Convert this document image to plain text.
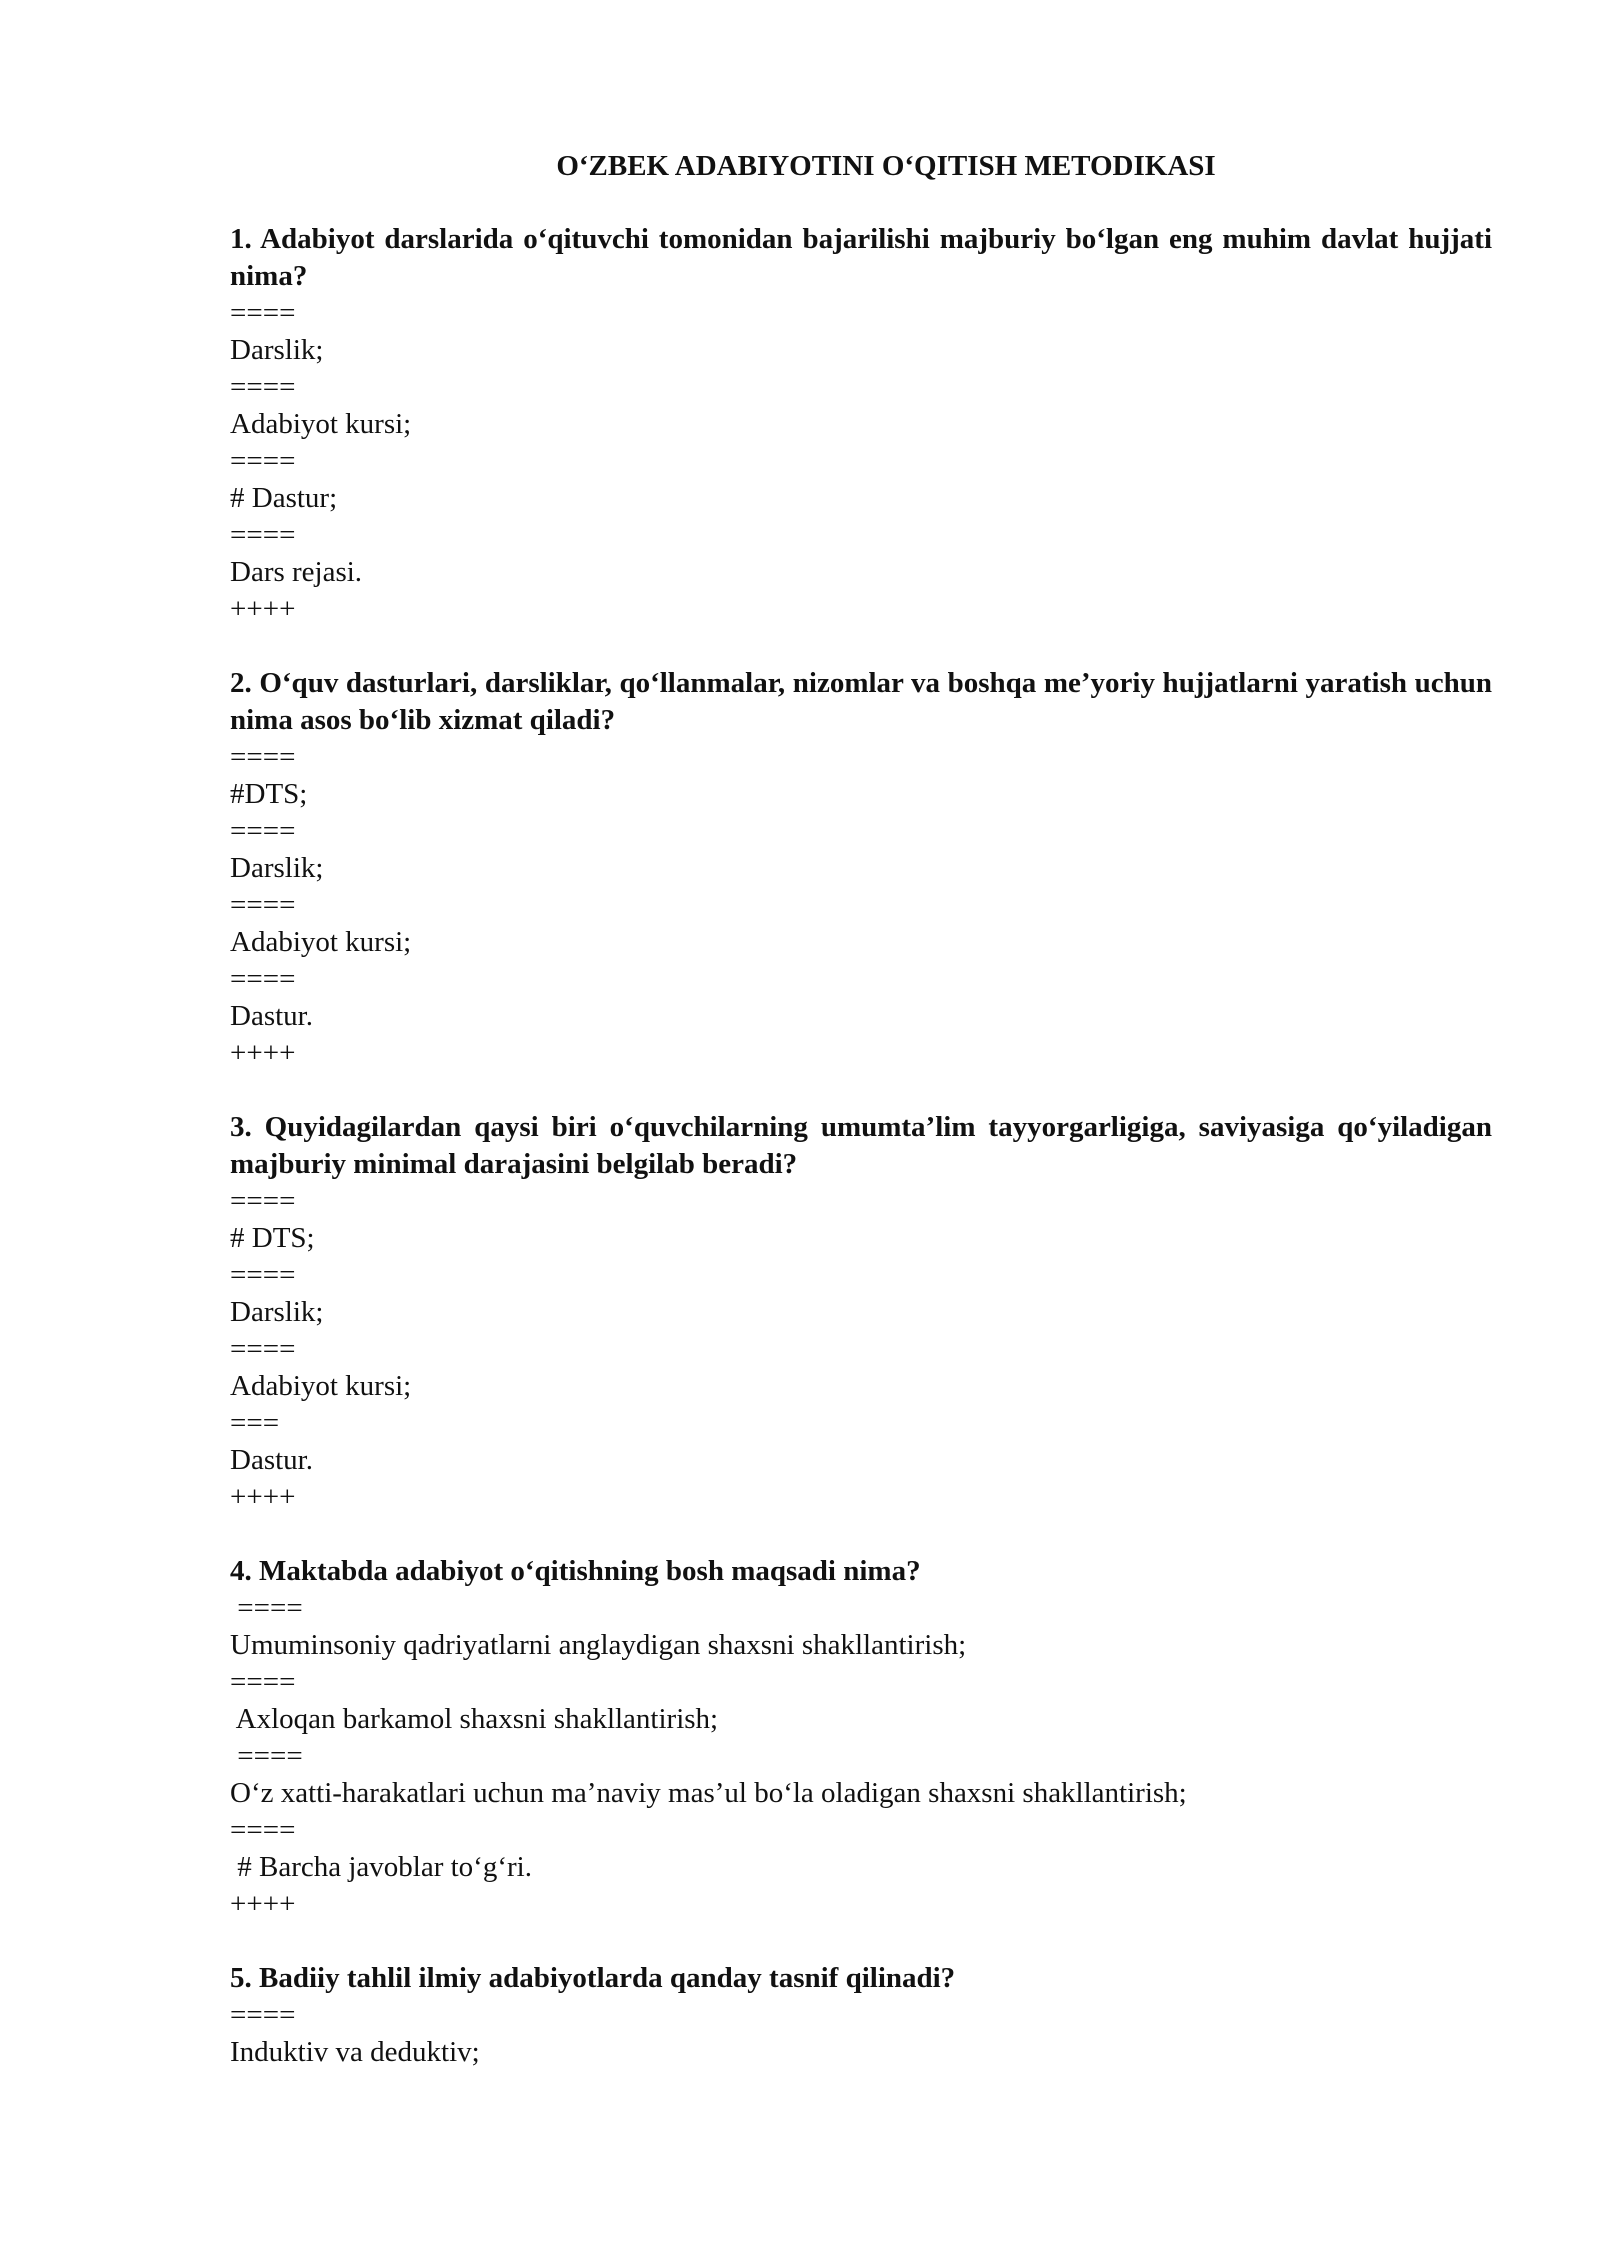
O‘ZBEK ADABIYOTINI O‘QITISH METODIKASI

1. Adabiyot darslarida o‘qituvchi tomonidan bajarilishi majburiy bo‘lgan eng muhim davlat hujjati nima?

====
Darslik;
====
Adabiyot kursi;
====
# Dastur;
====
Dars rejasi.
++++

2. O‘quv dasturlari, darsliklar, qo‘llanmalar, nizomlar va boshqa me’yoriy hujjatlarni yaratish uchun nima asos bo‘lib xizmat qiladi?

====
#DTS;
====
Darslik;
====
Adabiyot kursi;
====
Dastur.
++++

3. Quyidagilardan qaysi biri o‘quvchilarning umumta’lim tayyorgarligiga, saviyasiga qo‘yiladigan majburiy minimal darajasini belgilab beradi?

====
# DTS;
====
Darslik;
====
Adabiyot kursi;
===
Dastur.
++++

4. Maktabda adabiyot o‘qitishning bosh maqsadi nima?

====
Umuminsoniy qadriyatlarni anglaydigan shaxsni shakllantirish;
====
Axloqan barkamol shaxsni shakllantirish;
====
O‘z xatti-harakatlari uchun ma’naviy mas’ul bo‘la oladigan shaxsni shakllantirish;
====
# Barcha javoblar to‘g‘ri.
++++

5. Badiiy tahlil ilmiy adabiyotlarda qanday tasnif qilinadi?

====
Induktiv va deduktiv;
